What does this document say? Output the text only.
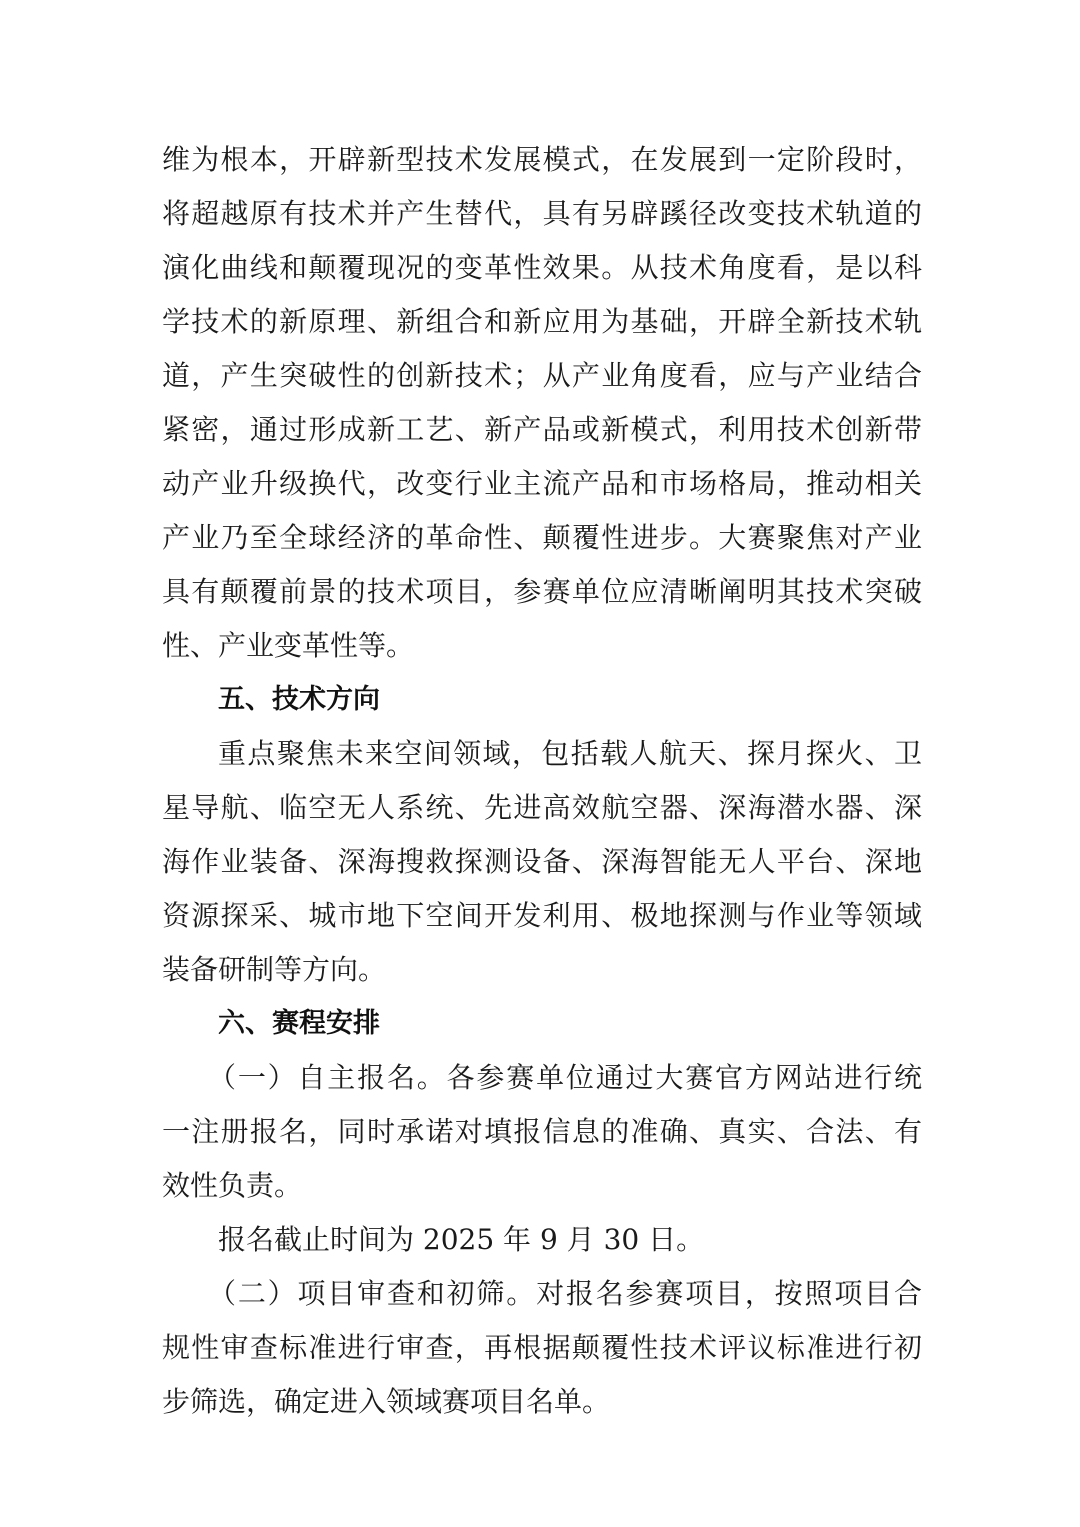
维为根本，开辟新型技术发展模式，在发展到一定阶段时，
将超越原有技术并产生替代，具有另辟蹊径改变技术轨道的
演化曲线和颠覆现况的变革性效果。从技术角度看，是以科
学技术的新原理、新组合和新应用为基础，开辟全新技术轨
道，产生突破性的创新技术；从产业角度看，应与产业结合
紧密，通过形成新工艺、新产品或新模式，利用技术创新带
动产业升级换代，改变行业主流产品和市场格局，推动相关
产业乃至全球经济的革命性、颠覆性进步。大赛聚焦对产业
具有颠覆前景的技术项目，参赛单位应清晰阐明其技术突破
性、产业变革性等。
五、技术方向
重点聚焦未来空间领域，包括载人航天、探月探火、卫
星导航、临空无人系统、先进高效航空器、深海潜水器、深
海作业装备、深海搜救探测设备、深海智能无人平台、深地
资源探采、城市地下空间开发利用、极地探测与作业等领域
装备研制等方向。
六、赛程安排
（一）自主报名。各参赛单位通过大赛官方网站进行统
一注册报名，同时承诺对填报信息的准确、真实、合法、有
效性负责。
报名截止时间为 2025 年 9 月 30 日。
（二）项目审查和初筛。对报名参赛项目，按照项目合
规性审查标准进行审查，再根据颠覆性技术评议标准进行初
步筛选，确定进入领域赛项目名单。
